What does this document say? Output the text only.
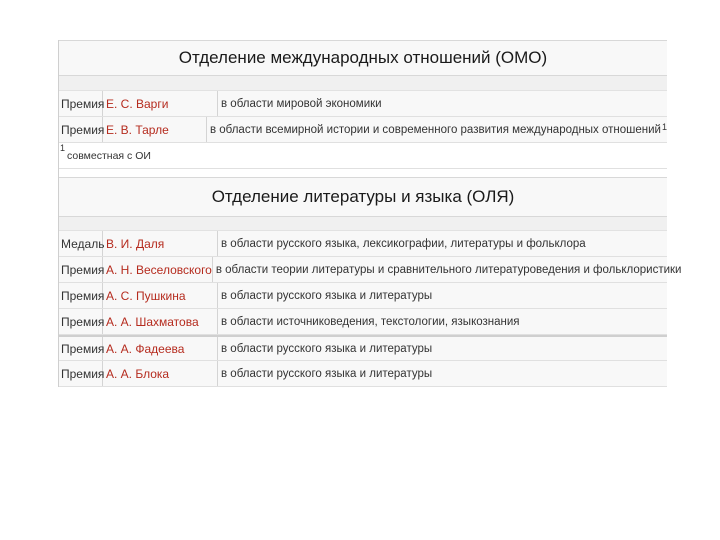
Отделение международных отношений (ОМО)
Премия Е. С. Варги	в области мировой экономики
Премия Е. В. Тарле	в области всемирной истории и современного развития международных отношений$^1$
1
совместная с ОИ
Отделение литературы и языка (ОЛЯ)
Медаль В. И. Даля	в области русского языка, лексикографии, литературы и фольклора
Премия А. Н. Веселовского в области теории литературы и сравнительного литературоведения и фольклористики
Премия А. С. Пушкина	в области русского языка и литературы
Премия А. А. Шахматова	в области источниковедения, текстологии, языкознания
Премия А. А. Фадеева	в области русского языка и литературы
Премия А. А. Блока	в области русского языка и литературы
